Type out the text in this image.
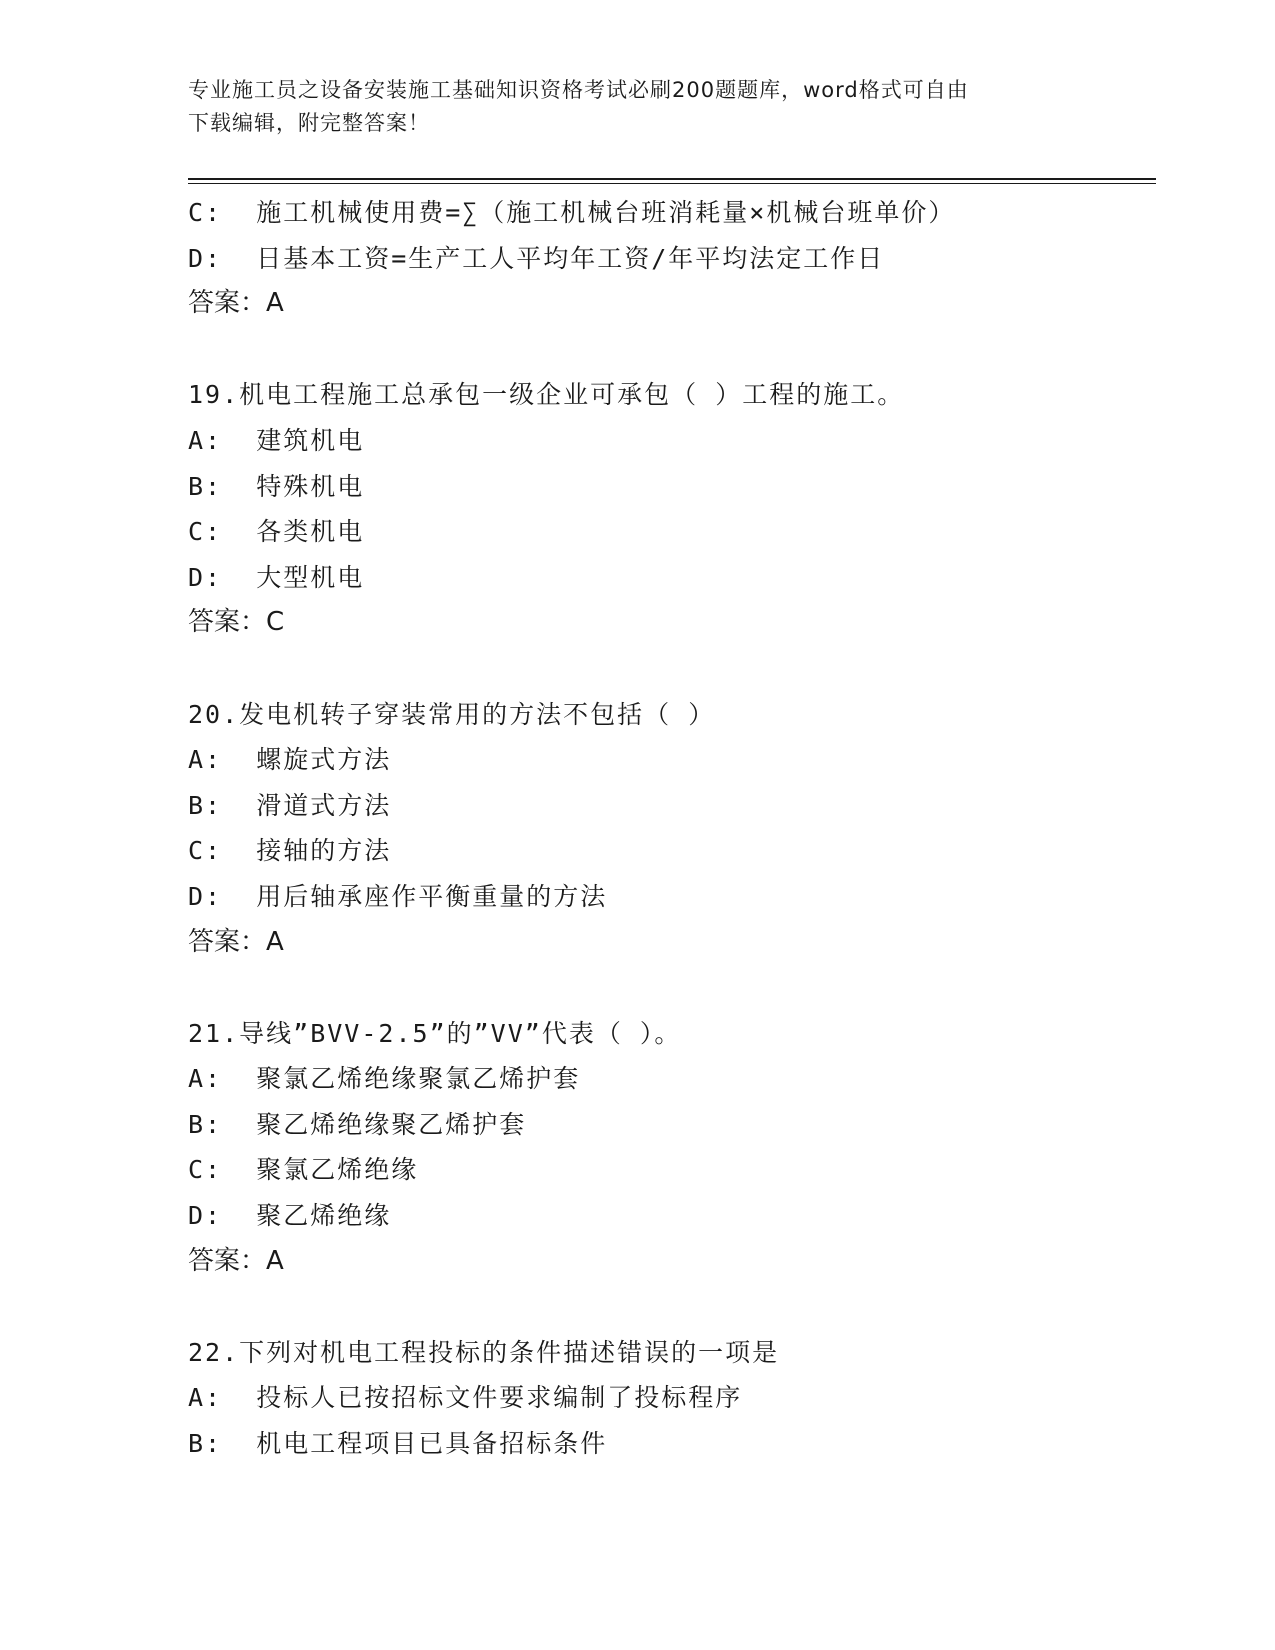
专业施工员之设备安装施工基础知识资格考试必刷200题题库，word格式可自由
下载编辑，附完整答案！
C:  施工机械使用费=∑（施工机械台班消耗量×机械台班单价）
D:  日基本工资=生产工人平均年工资/年平均法定工作日
答案：A
19.机电工程施工总承包一级企业可承包（ ）工程的施工。
A:  建筑机电
B:  特殊机电
C:  各类机电
D:  大型机电
答案：C
20.发电机转子穿装常用的方法不包括（ ）
A:  螺旋式方法
B:  滑道式方法
C:  接轴的方法
D:  用后轴承座作平衡重量的方法
答案：A
21.导线”BVV-2.5”的”VV”代表（ ）。
A:  聚氯乙烯绝缘聚氯乙烯护套
B:  聚乙烯绝缘聚乙烯护套
C:  聚氯乙烯绝缘
D:  聚乙烯绝缘
答案：A
22.下列对机电工程投标的条件描述错误的一项是
A:  投标人已按招标文件要求编制了投标程序
B:  机电工程项目已具备招标条件
